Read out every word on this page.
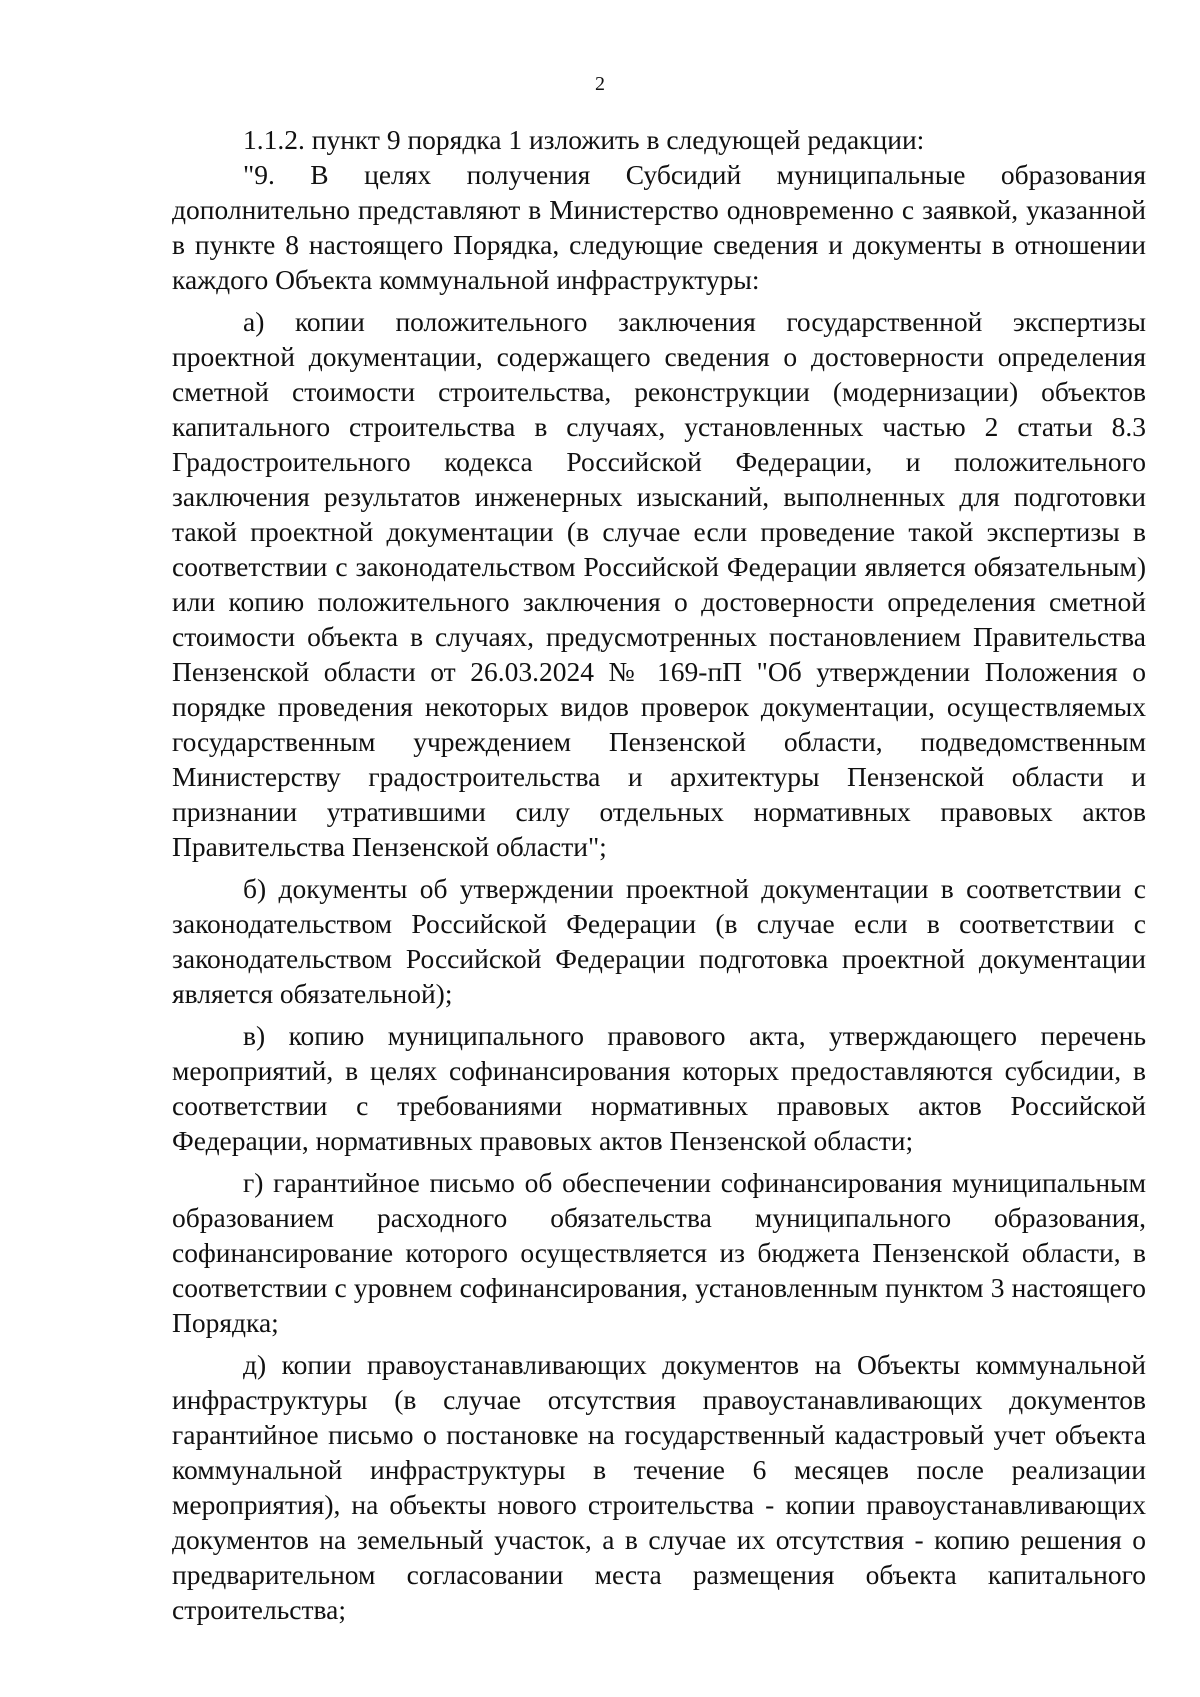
2

1.1.2. пункт 9 порядка 1 изложить в следующей редакции:

"9. В целях получения Субсидий муниципальные образования дополнительно представляют в Министерство одновременно с заявкой, указанной в пункте 8 настоящего Порядка, следующие сведения и документы в отношении каждого Объекта коммунальной инфраструктуры:

а) копии положительного заключения государственной экспертизы проектной документации, содержащего сведения о достоверности определения сметной стоимости строительства, реконструкции (модернизации) объектов капитального строительства в случаях, установленных частью 2 статьи 8.3 Градостроительного кодекса Российской Федерации, и положительного заключения результатов инженерных изысканий, выполненных для подготовки такой проектной документации (в случае если проведение такой экспертизы в соответствии с законодательством Российской Федерации является обязательным) или копию положительного заключения о достоверности определения сметной стоимости объекта в случаях, предусмотренных постановлением Правительства Пензенской области от 26.03.2024 № 169-пП "Об утверждении Положения о порядке проведения некоторых видов проверок документации, осуществляемых государственным учреждением Пензенской области, подведомственным Министерству градостроительства и архитектуры Пензенской области и признании утратившими силу отдельных нормативных правовых актов Правительства Пензенской области";

б) документы об утверждении проектной документации в соответствии с законодательством Российской Федерации (в случае если в соответствии с законодательством Российской Федерации подготовка проектной документации является обязательной);

в) копию муниципального правового акта, утверждающего перечень мероприятий, в целях софинансирования которых предоставляются субсидии, в соответствии с требованиями нормативных правовых актов Российской Федерации, нормативных правовых актов Пензенской области;

г) гарантийное письмо об обеспечении софинансирования муниципальным образованием расходного обязательства муниципального образования, софинансирование которого осуществляется из бюджета Пензенской области, в соответствии с уровнем софинансирования, установленным пунктом 3 настоящего Порядка;

д) копии правоустанавливающих документов на Объекты коммунальной инфраструктуры (в случае отсутствия правоустанавливающих документов гарантийное письмо о постановке на государственный кадастровый учет объекта коммунальной инфраструктуры в течение 6 месяцев после реализации мероприятия), на объекты нового строительства - копии правоустанавливающих документов на земельный участок, а в случае их отсутствия - копию решения о предварительном согласовании места размещения объекта капитального строительства;
